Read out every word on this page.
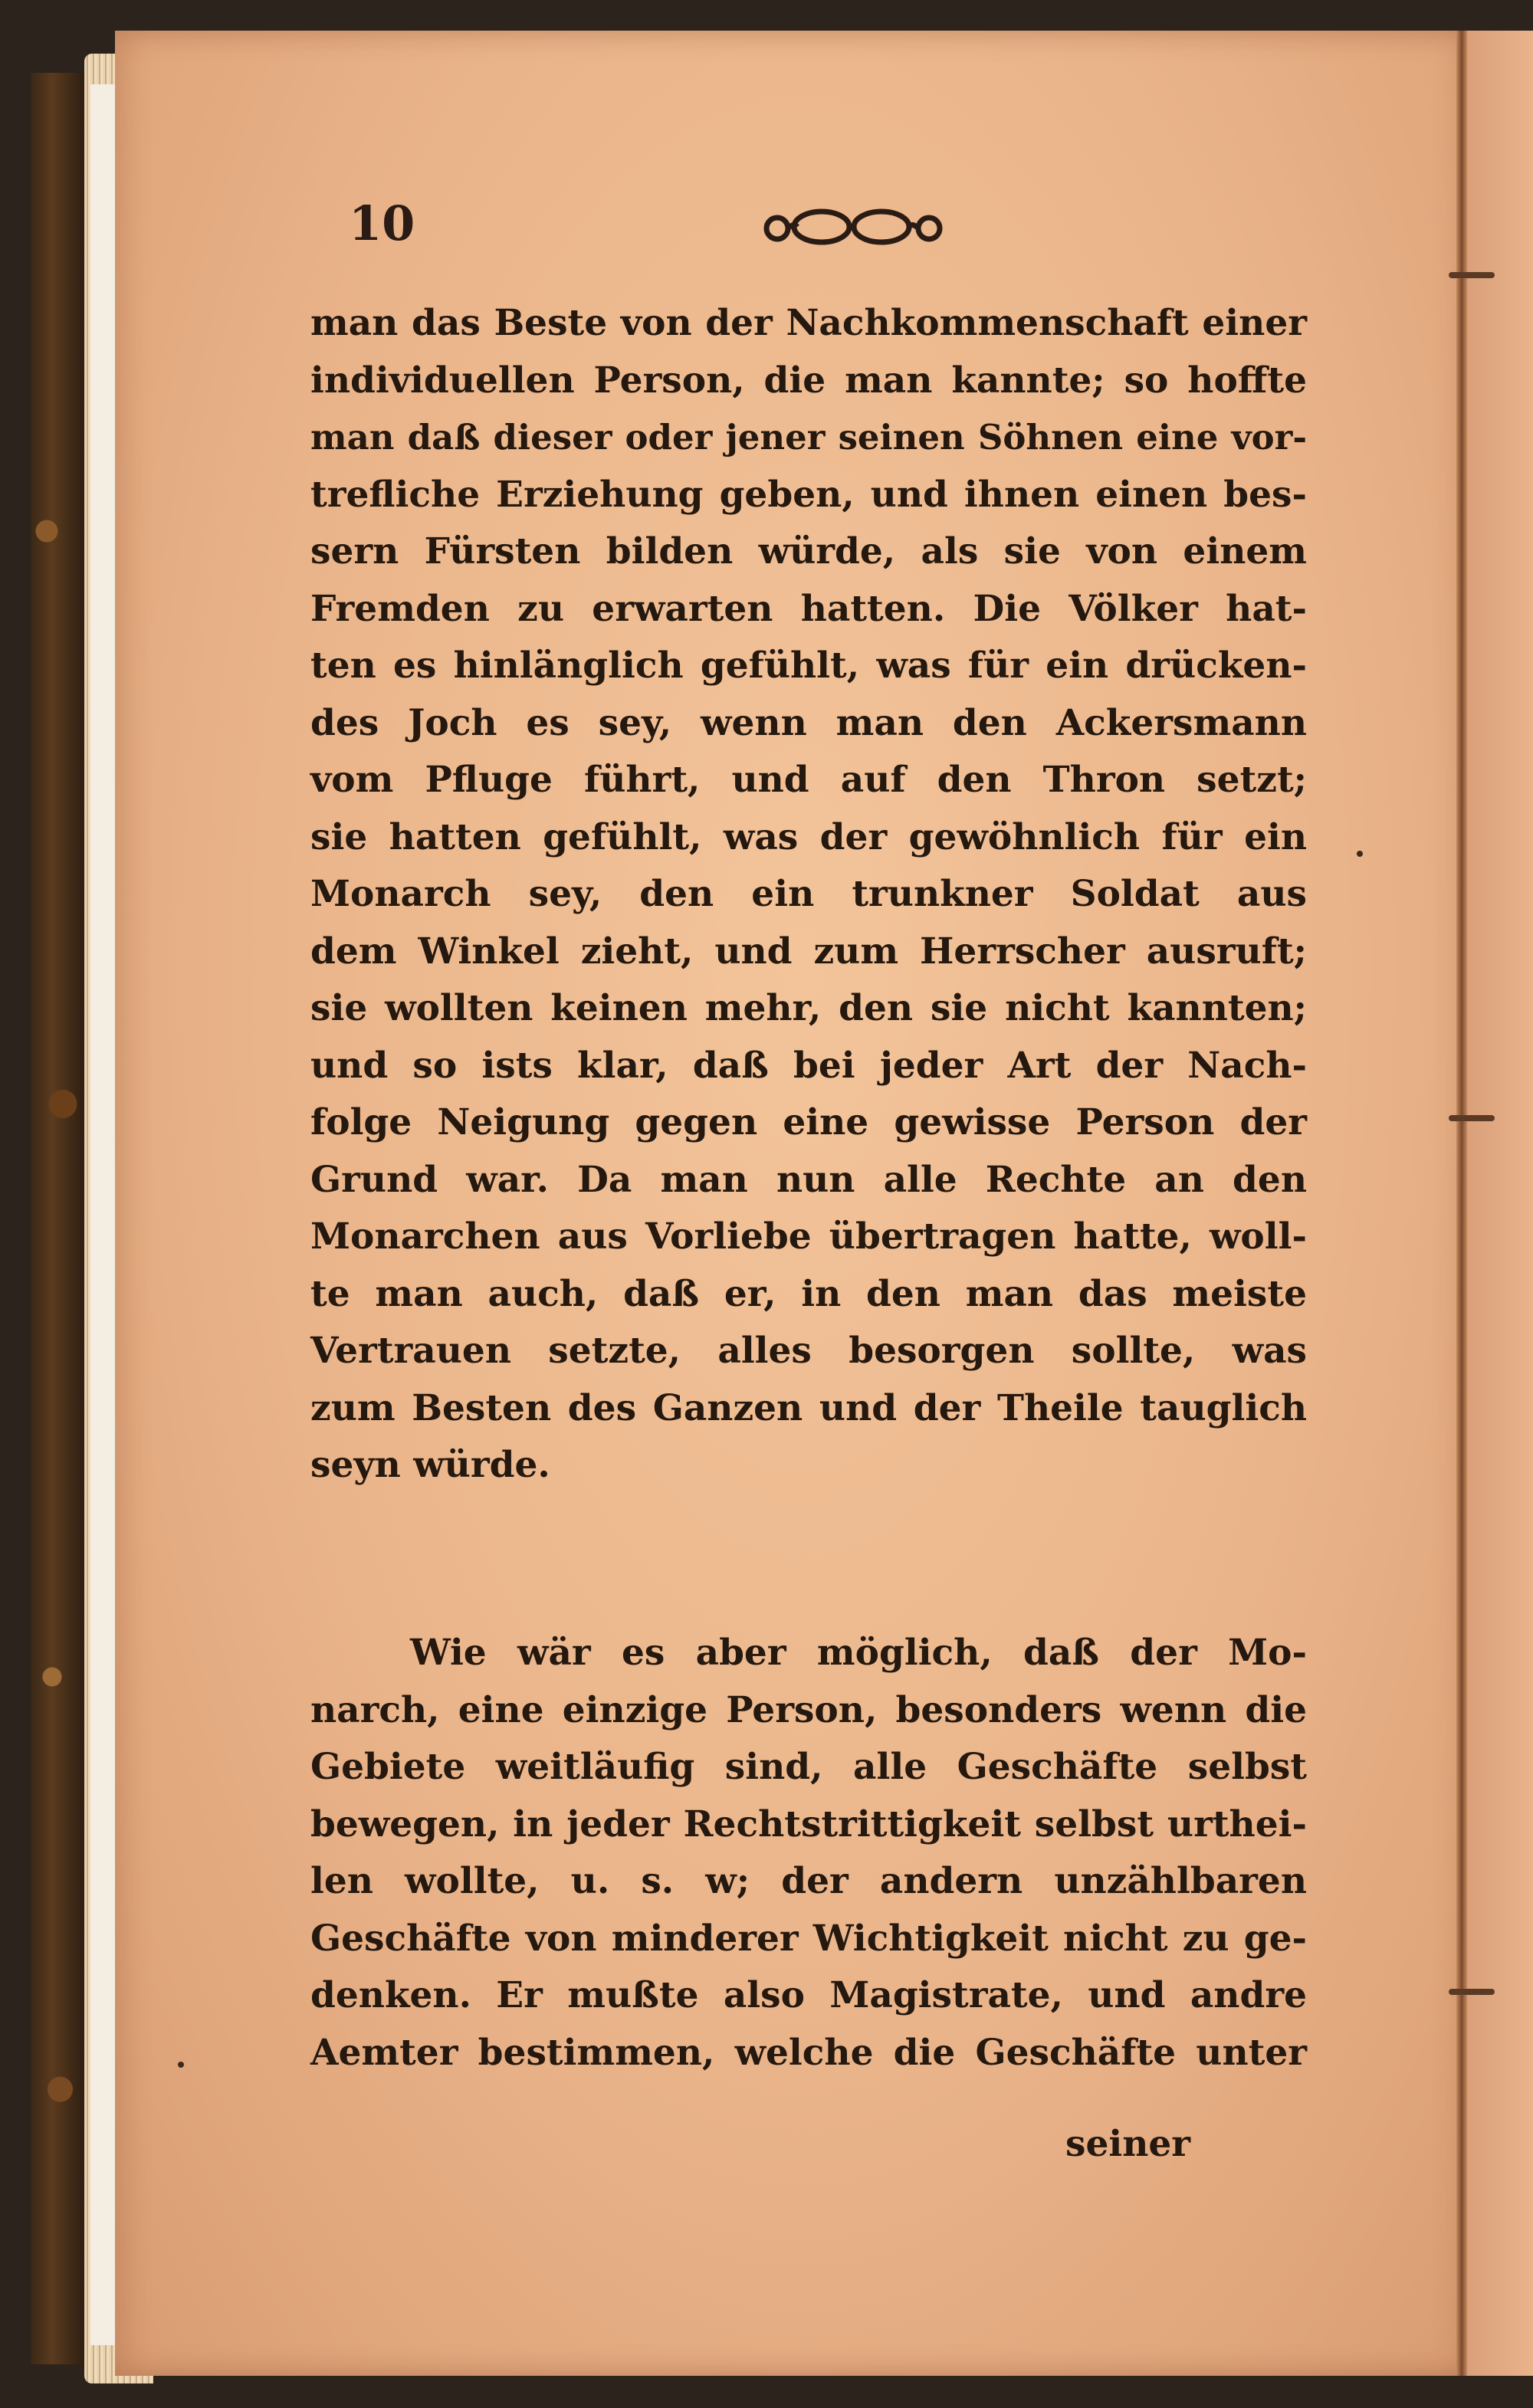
10
man das Beste von der Nachkommenschaft einer
individuellen Person, die man kannte; so hoffte
man daß dieser oder jener seinen Söhnen eine vor-
trefliche Erziehung geben, und ihnen einen bes-
sern Fürsten bilden würde, als sie von einem
Fremden zu erwarten hatten. Die Völker hat-
ten es hinlänglich gefühlt, was für ein drücken-
des Joch es sey, wenn man den Ackersmann
vom Pfluge führt, und auf den Thron setzt;
sie hatten gefühlt, was der gewöhnlich für ein
Monarch sey, den ein trunkner Soldat aus
dem Winkel zieht, und zum Herrscher ausruft;
sie wollten keinen mehr, den sie nicht kannten;
und so ists klar, daß bei jeder Art der Nach-
folge Neigung gegen eine gewisse Person der
Grund war. Da man nun alle Rechte an den
Monarchen aus Vorliebe übertragen hatte, woll-
te man auch, daß er, in den man das meiste
Vertrauen setzte, alles besorgen sollte, was
zum Besten des Ganzen und der Theile tauglich
seyn würde.
Wie wär es aber möglich, daß der Mo-
narch, eine einzige Person, besonders wenn die
Gebiete weitläufig sind, alle Geschäfte selbst
bewegen, in jeder Rechtstrittigkeit selbst urthei-
len wollte, u. s. w; der andern unzählbaren
Geschäfte von minderer Wichtigkeit nicht zu ge-
denken. Er mußte also Magistrate, und andre
Aemter bestimmen, welche die Geschäfte unter
seiner
